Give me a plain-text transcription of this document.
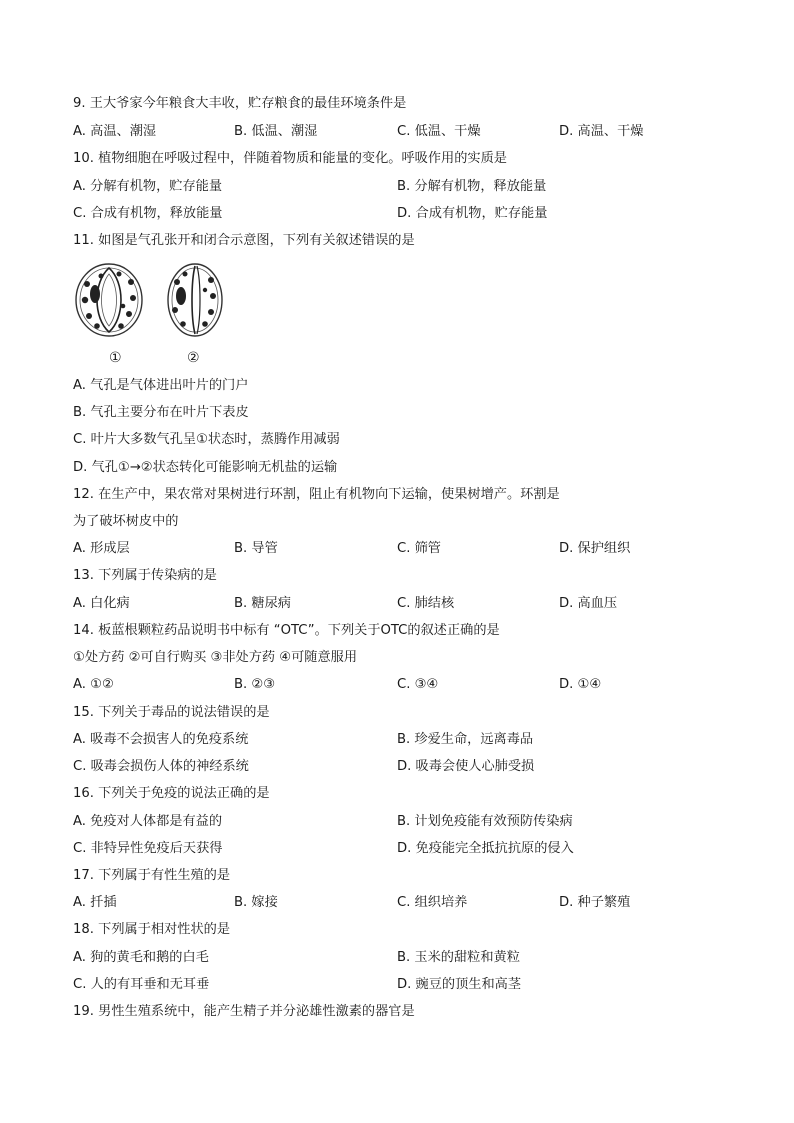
9. 王大爷家今年粮食大丰收，贮存粮食的最佳环境条件是
A. 高温、潮湿	B. 低温、潮湿	C. 低温、干燥	D. 高温、干燥
10. 植物细胞在呼吸过程中，伴随着物质和能量的变化。呼吸作用的实质是
A. 分解有机物，贮存能量	B. 分解有机物，释放能量
C. 合成有机物，释放能量	D. 合成有机物，贮存能量
11. 如图是气孔张开和闭合示意图，下列有关叙述错误的是
①	②
A. 气孔是气体进出叶片的门户
B. 气孔主要分布在叶片下表皮
C. 叶片大多数气孔呈①状态时，蒸腾作用减弱
D. 气孔①→②状态转化可能影响无机盐的运输
12. 在生产中，果农常对果树进行环割，阻止有机物向下运输，使果树增产。环割是
为了破坏树皮中的
A. 形成层	B. 导管	C. 筛管	D. 保护组织
13. 下列属于传染病的是
A. 白化病	B. 糖尿病	C. 肺结核	D. 高血压
14. 板蓝根颗粒药品说明书中标有 “OTC”。下列关于OTC的叙述正确的是
①处方药 ②可自行购买 ③非处方药 ④可随意服用
A. ①②	B. ②③	C. ③④	D. ①④
15. 下列关于毒品的说法错误的是
A. 吸毒不会损害人的免疫系统	B. 珍爱生命，远离毒品
C. 吸毒会损伤人体的神经系统	D. 吸毒会使人心肺受损
16. 下列关于免疫的说法正确的是
A. 免疫对人体都是有益的	B. 计划免疫能有效预防传染病
C. 非特异性免疫后天获得	D. 免疫能完全抵抗抗原的侵入
17. 下列属于有性生殖的是
A. 扦插	B. 嫁接	C. 组织培养	D. 种子繁殖
18. 下列属于相对性状的是
A. 狗的黄毛和鹅的白毛	B. 玉米的甜粒和黄粒
C. 人的有耳垂和无耳垂	D. 豌豆的顶生和高茎
19. 男性生殖系统中，能产生精子并分泌雄性激素的器官是
